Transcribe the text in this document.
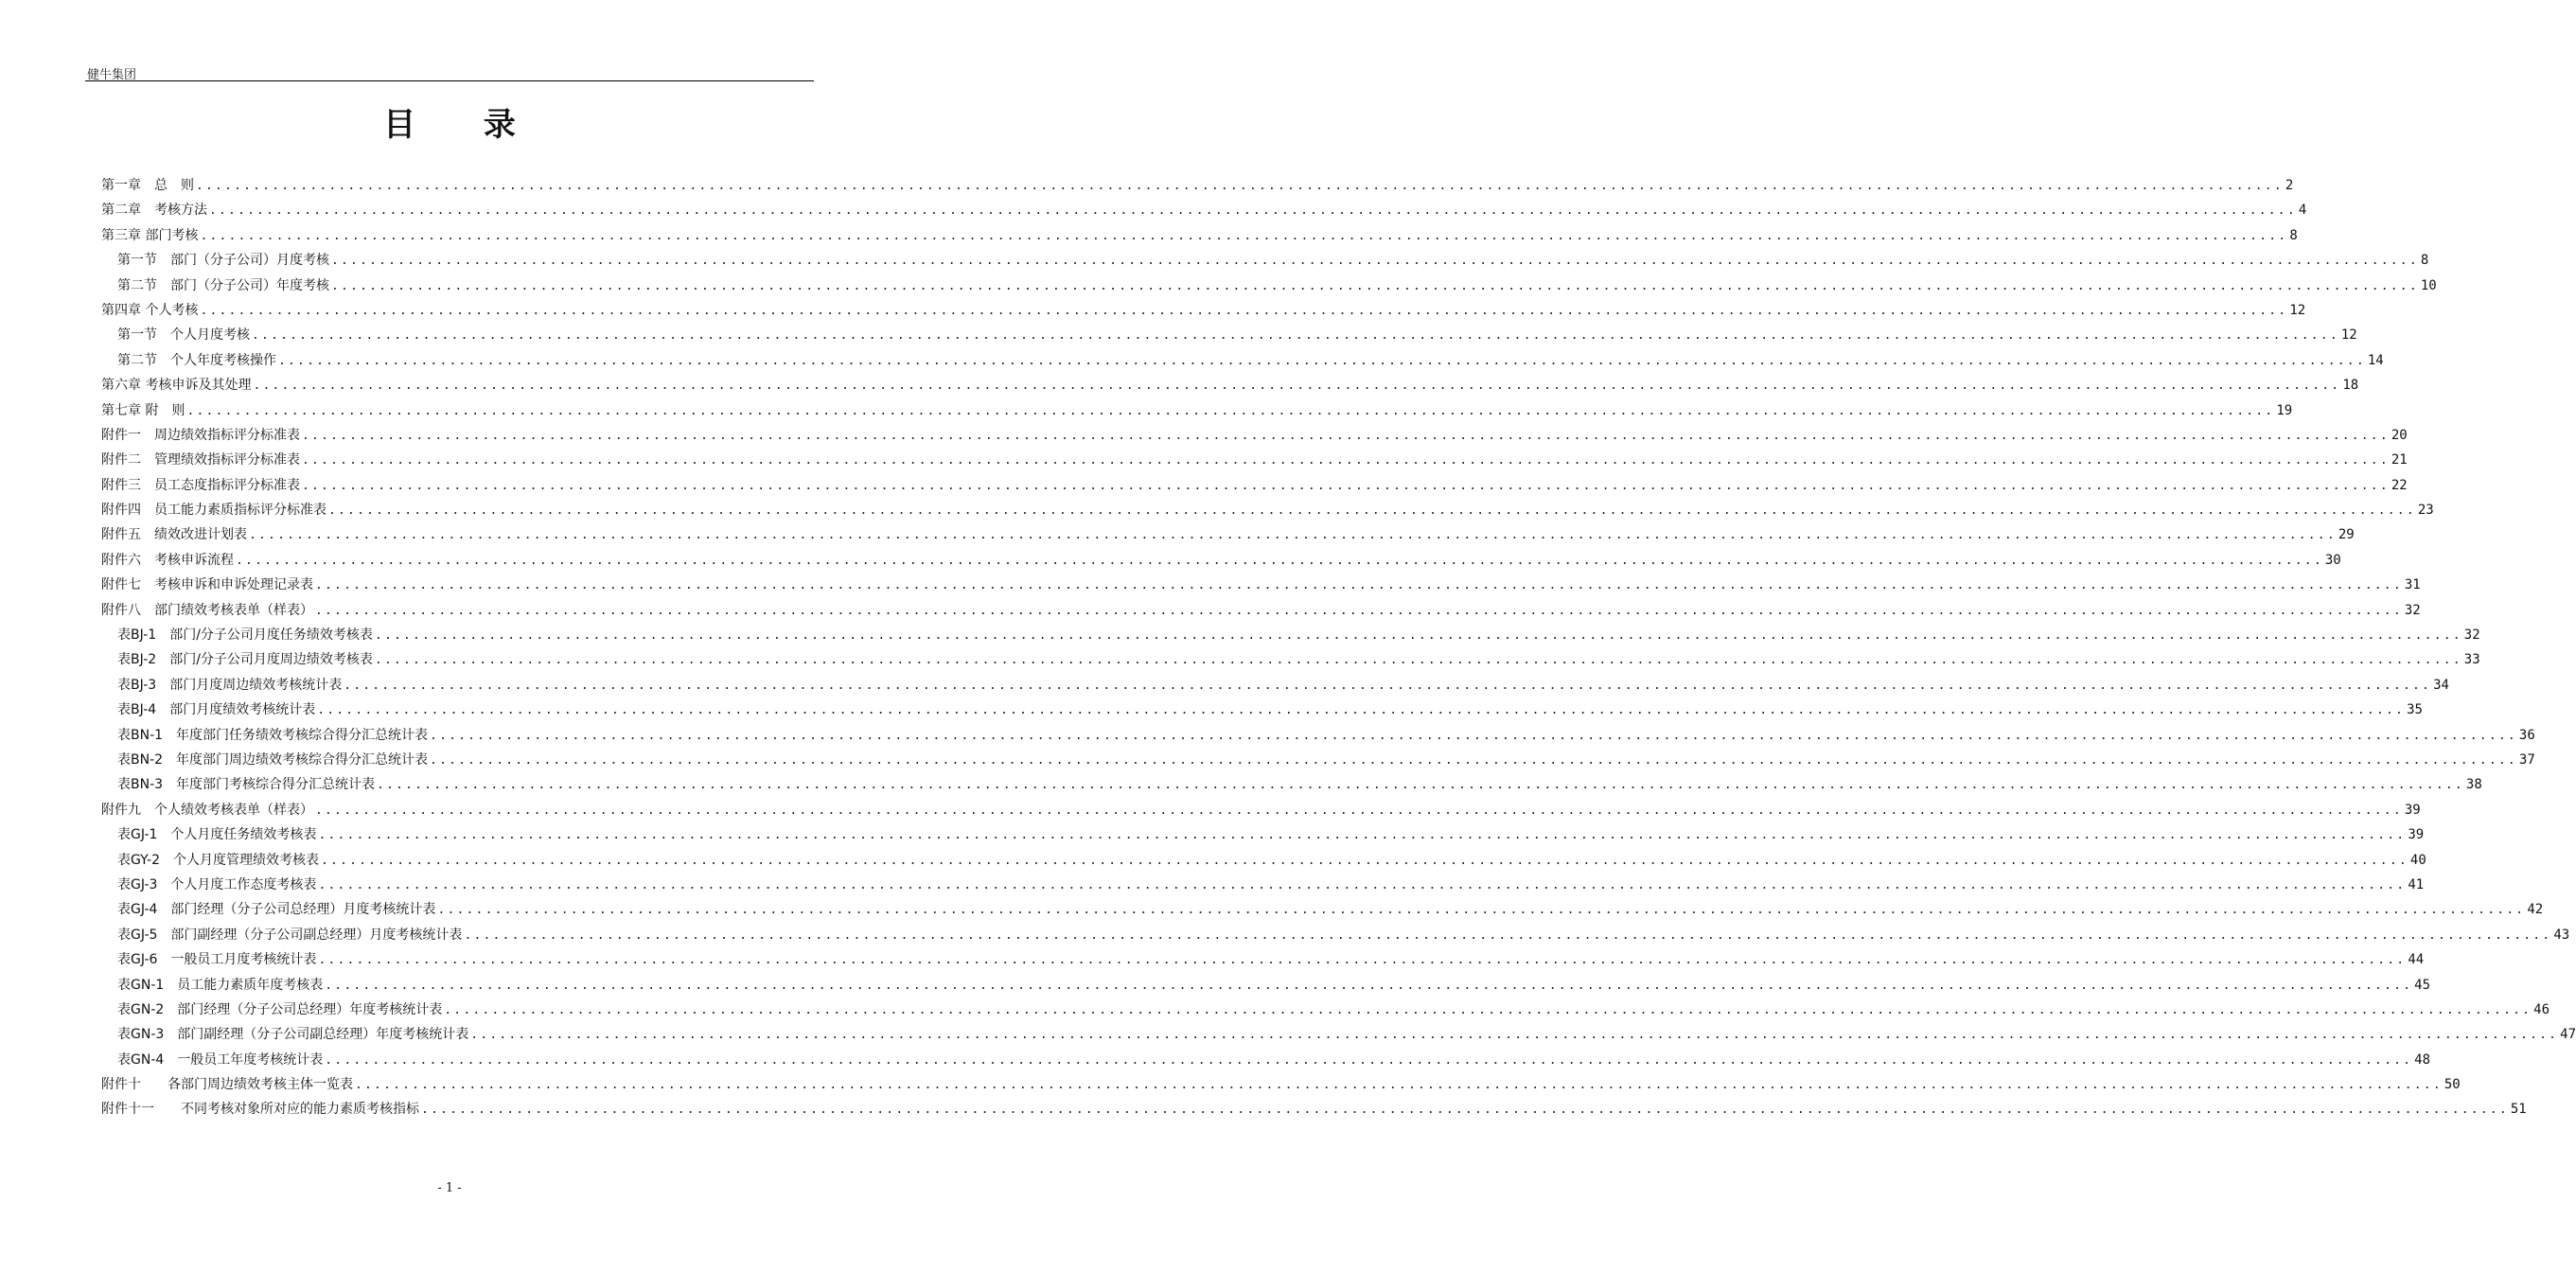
健牛集团
目 录
第一章　总　则 ............................................................................................................................................................................................................................ 2
第二章　考核方法 ............................................................................................................................................................................................................................ 4
第三章 部门考核 ............................................................................................................................................................................................................................ 8
第一节　部门（分子公司）月度考核 ............................................................................................................................................................................................................................ 8
第二节　部门（分子公司）年度考核 ............................................................................................................................................................................................................................ 10
第四章 个人考核 ............................................................................................................................................................................................................................ 12
第一节　个人月度考核 ............................................................................................................................................................................................................................ 12
第二节　个人年度考核操作 ............................................................................................................................................................................................................................ 14
第六章 考核申诉及其处理 ............................................................................................................................................................................................................................ 18
第七章 附　则 ............................................................................................................................................................................................................................ 19
附件一　周边绩效指标评分标准表 ............................................................................................................................................................................................................................ 20
附件二　管理绩效指标评分标准表 ............................................................................................................................................................................................................................ 21
附件三　员工态度指标评分标准表 ............................................................................................................................................................................................................................ 22
附件四　员工能力素质指标评分标准表 ............................................................................................................................................................................................................................ 23
附件五　绩效改进计划表 ............................................................................................................................................................................................................................ 29
附件六　考核申诉流程 ............................................................................................................................................................................................................................ 30
附件七　考核申诉和申诉处理记录表 ............................................................................................................................................................................................................................ 31
附件八　部门绩效考核表单（样表） ............................................................................................................................................................................................................................ 32
表BJ-1　部门/分子公司月度任务绩效考核表 ............................................................................................................................................................................................................................ 32
表BJ-2　部门/分子公司月度周边绩效考核表 ............................................................................................................................................................................................................................ 33
表BJ-3　部门月度周边绩效考核统计表 ............................................................................................................................................................................................................................ 34
表BJ-4　部门月度绩效考核统计表 ............................................................................................................................................................................................................................ 35
表BN-1　年度部门任务绩效考核综合得分汇总统计表 ............................................................................................................................................................................................................................ 36
表BN-2　年度部门周边绩效考核综合得分汇总统计表 ............................................................................................................................................................................................................................ 37
表BN-3　年度部门考核综合得分汇总统计表 ............................................................................................................................................................................................................................ 38
附件九　个人绩效考核表单（样表） ............................................................................................................................................................................................................................ 39
表GJ-1　个人月度任务绩效考核表 ............................................................................................................................................................................................................................ 39
表GY-2　个人月度管理绩效考核表 ............................................................................................................................................................................................................................ 40
表GJ-3　个人月度工作态度考核表 ............................................................................................................................................................................................................................ 41
表GJ-4　部门经理（分子公司总经理）月度考核统计表 ............................................................................................................................................................................................................................ 42
表GJ-5　部门副经理（分子公司副总经理）月度考核统计表 ............................................................................................................................................................................................................................ 43
表GJ-6　一般员工月度考核统计表 ............................................................................................................................................................................................................................ 44
表GN-1　员工能力素质年度考核表 ............................................................................................................................................................................................................................ 45
表GN-2　部门经理（分子公司总经理）年度考核统计表 ............................................................................................................................................................................................................................ 46
表GN-3　部门副经理（分子公司副总经理）年度考核统计表 ............................................................................................................................................................................................................................ 47
表GN-4　一般员工年度考核统计表 ............................................................................................................................................................................................................................ 48
附件十　　各部门周边绩效考核主体一览表 ............................................................................................................................................................................................................................ 50
附件十一　　不同考核对象所对应的能力素质考核指标 ............................................................................................................................................................................................................................ 51
- 1 -
